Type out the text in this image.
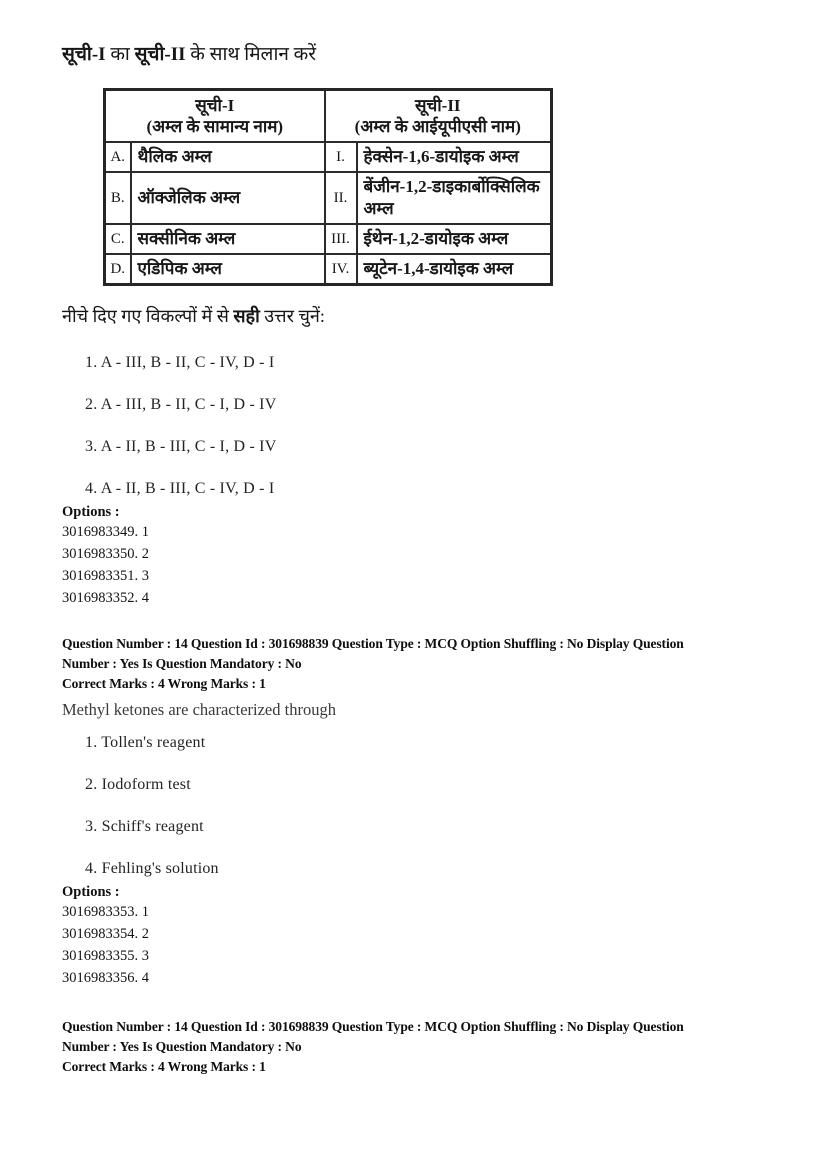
सूची-I का सूची-II के साथ मिलान करें
सूची-I
(अम्ल के सामान्य नाम)

सूची-II
(अम्ल के आईयूपीएसी नाम)

A.	थैलिक अम्ल	I.	हेक्सेन-1,6-डायोइक अम्ल
B.	ऑक्जेलिक अम्ल	II.	बेंजीन-1,2-डाइकार्बोक्सिलिक अम्ल
C.	सक्सीनिक अम्ल	III.	ईथेन-1,2-डायोइक अम्ल
D.	एडिपिक अम्ल	IV.	ब्यूटेन-1,4-डायोइक अम्ल
नीचे दिए गए विकल्पों में से सही उत्तर चुनें:
1. A - III, B - II, C - IV, D - I
2. A - III, B - II, C - I, D - IV
3. A - II, B - III, C - I, D - IV
4. A - II, B - III, C - IV, D - I
Options :
3016983349. 1
3016983350. 2
3016983351. 3
3016983352. 4
Question Number : 14 Question Id : 301698839 Question Type : MCQ Option Shuffling : No Display Question
Number : Yes Is Question Mandatory : No
Correct Marks : 4 Wrong Marks : 1
Methyl ketones are characterized through
1. Tollen's reagent
2. Iodoform test
3. Schiff's reagent
4. Fehling's solution
Options :
3016983353. 1
3016983354. 2
3016983355. 3
3016983356. 4
Question Number : 14 Question Id : 301698839 Question Type : MCQ Option Shuffling : No Display Question
Number : Yes Is Question Mandatory : No
Correct Marks : 4 Wrong Marks : 1
